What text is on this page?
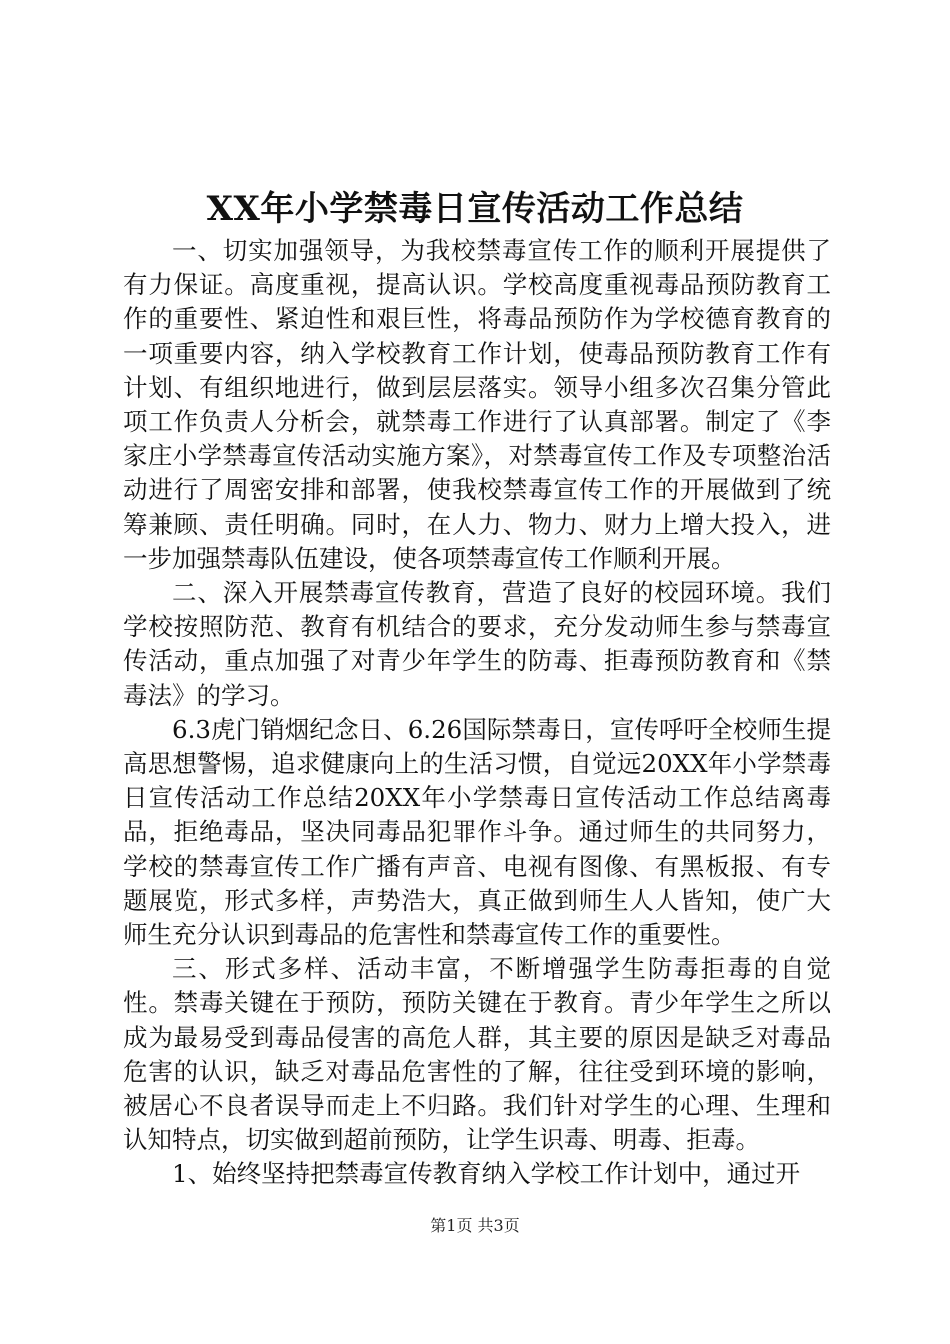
XX年小学禁毒日宣传活动工作总结

一、切实加强领导，为我校禁毒宣传工作的顺利开展提供了有力保证。高度重视，提高认识。学校高度重视毒品预防教育工作的重要性、紧迫性和艰巨性，将毒品预防作为学校德育教育的一项重要内容，纳入学校教育工作计划，使毒品预防教育工作有计划、有组织地进行，做到层层落实。领导小组多次召集分管此项工作负责人分析会，就禁毒工作进行了认真部署。制定了《李家庄小学禁毒宣传活动实施方案》，对禁毒宣传工作及专项整治活动进行了周密安排和部署，使我校禁毒宣传工作的开展做到了统筹兼顾、责任明确。同时，在人力、物力、财力上增大投入，进一步加强禁毒队伍建设，使各项禁毒宣传工作顺利开展。

二、深入开展禁毒宣传教育，营造了良好的校园环境。我们学校按照防范、教育有机结合的要求，充分发动师生参与禁毒宣传活动，重点加强了对青少年学生的防毒、拒毒预防教育和《禁毒法》的学习。

6.3虎门销烟纪念日、6.26国际禁毒日，宣传呼吁全校师生提高思想警惕，追求健康向上的生活习惯，自觉远20XX年小学禁毒日宣传活动工作总结20XX年小学禁毒日宣传活动工作总结离毒品，拒绝毒品，坚决同毒品犯罪作斗争。通过师生的共同努力，学校的禁毒宣传工作广播有声音、电视有图像、有黑板报、有专题展览，形式多样，声势浩大，真正做到师生人人皆知，使广大师生充分认识到毒品的危害性和禁毒宣传工作的重要性。

三、形式多样、活动丰富，不断增强学生防毒拒毒的自觉性。禁毒关键在于预防，预防关键在于教育。青少年学生之所以成为最易受到毒品侵害的高危人群，其主要的原因是缺乏对毒品危害的认识，缺乏对毒品危害性的了解，往往受到环境的影响，被居心不良者误导而走上不归路。我们针对学生的心理、生理和认知特点，切实做到超前预防，让学生识毒、明毒、拒毒。

1、始终坚持把禁毒宣传教育纳入学校工作计划中，通过开

第1页 共3页
